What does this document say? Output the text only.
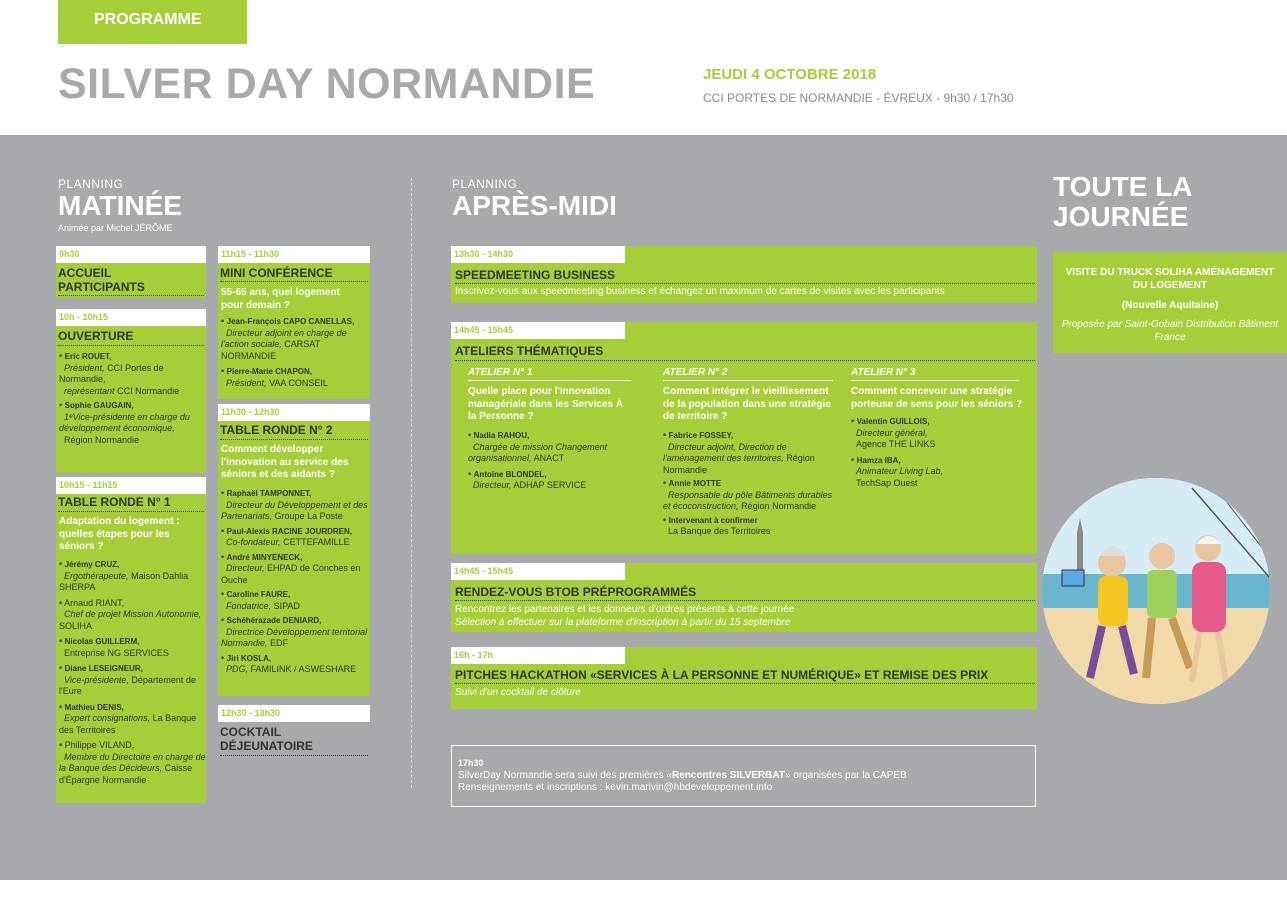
PROGRAMME
SILVER DAY NORMANDIE	JEUDI 4 OCTOBRE 2018
CCI PORTES DE NORMANDIE - ÉVREUX - 9h30 / 17h30
PLANNING
MATINÉE
Animée par Michel JÉRÔME
9h30
ACCUEIL PARTICIPANTS
10h - 10h15
OUVERTURE
• Eric ROUET,
Président, CCI Portes de Normandie,
représentant CCI Normandie
• Sophie GAUGAIN,
1ᵉVice-présidente en charge du développement économique,
Région Normandie
10h15 - 11h15
TABLE RONDE N° 1
Adaptation du logement : quelles étapes pour les séniors ?
• Jérémy CRUZ,
Ergothérapeute, Maison Dahlia SHERPA

• Arnaud RIANT,
Chef de projet Mission Autonomie, SOLIHA

• Nicolas GUILLERM,
Entreprise NG SERVICES

• Diane LESEIGNEUR,
Vice-présidente, Département de l'Eure

• Mathieu DENIS,
Expert consignations, La Banque des Territoires

• Philippe VILAND,
Membre du Directoire en charge de la Banque des Décideurs, Caisse d'Épargne Normandie
11h15 - 11h30
MINI CONFÉRENCE
55-65 ans, quel logement pour demain ?
• Jean-François CAPO CANELLAS,
Directeur adjoint en charge de l'action sociale, CARSAT NORMANDIE

• Pierre-Marie CHAPON,
Président, VAA CONSEIL
11h30 - 12h30
TABLE RONDE N° 2
Comment développer l'innovation au service des séniors et des aidants ?
• Raphaël TAMPONNET,
Directeur du Développement et des Partenariats, Groupe La Poste

• Paul-Alexis RACINE JOURDREN,
Co-fondateur, CETTEFAMILLE

• André MINYENECK,
Directeur, EHPAD de Conches en Ouche

• Caroline FAURE,
Fondatrice, SIPAD

• Schéhérazade DENIARD,
Directrice Développement territorial Normandie, EDF

• Jiri KOSLA,
PDG, FAMILINK / ASWESHARE
12h30 - 13h30
COCKTAIL DÉJEUNATOIRE
PLANNING
APRÈS-MIDI
13h30 - 14h30
SPEEDMEETING BUSINESS
Inscrivez-vous aux speedmeeting business et échangez un maximum de cartes de visites avec les participants
14h45 - 15h45
ATELIERS THÉMATIQUES
ATELIER N° 1
Quelle place pour l'innovation managériale dans les Services À la Personne ?
• Nadia RAHOU,
Chargée de mission Changement organisationnel, ANACT

• Antoine BLONDEL,
Directeur, ADHAP SERVICE
ATELIER N° 2
Comment intégrer le vieillissement de la population dans une stratégie de territoire ?
• Fabrice FOSSEY,
Directeur adjoint, Direction de l'aménagement des territoires, Région Normandie

• Annie MOTTE
Responsable du pôle Bâtiments durables et écoconstruction, Région Normandie

• Intervenant à confirmer
La Banque des Territoires
ATELIER N° 3
Comment concevoir une stratégie porteuse de sens pour les séniors ?
• Valentin GUILLOIS,
Directeur général,
Agence THE LINKS

• Hamza IBA,
Animateur Living Lab,
TechSap Ouest
14h45 - 15h45
RENDEZ-VOUS BTOB PRÉPROGRAMMÉS
Rencontrez les partenaires et les donneurs d'ordres présents à cette journée
Sélection à effectuer sur la plateforme d'inscription à partir du 15 septembre
16h - 17h
PITCHES HACKATHON «SERVICES À LA PERSONNE ET NUMÉRIQUE» ET REMISE DES PRIX
Suivi d'un cocktail de clôture
17h30
SilverDay Normandie sera suivi des premières «Rencontres SILVERBAT» organisées par la CAPEB
Renseignements et inscriptions : kevin.marivin@hbdeveloppement.info
TOUTE LA
JOURNÉE
VISITE DU TRUCK SOLIHA AMÉNAGEMENT DU LOGEMENT
(Nouvelle Aquitaine)
Proposée par Saint-Gobain Distribution Bâtiment France
